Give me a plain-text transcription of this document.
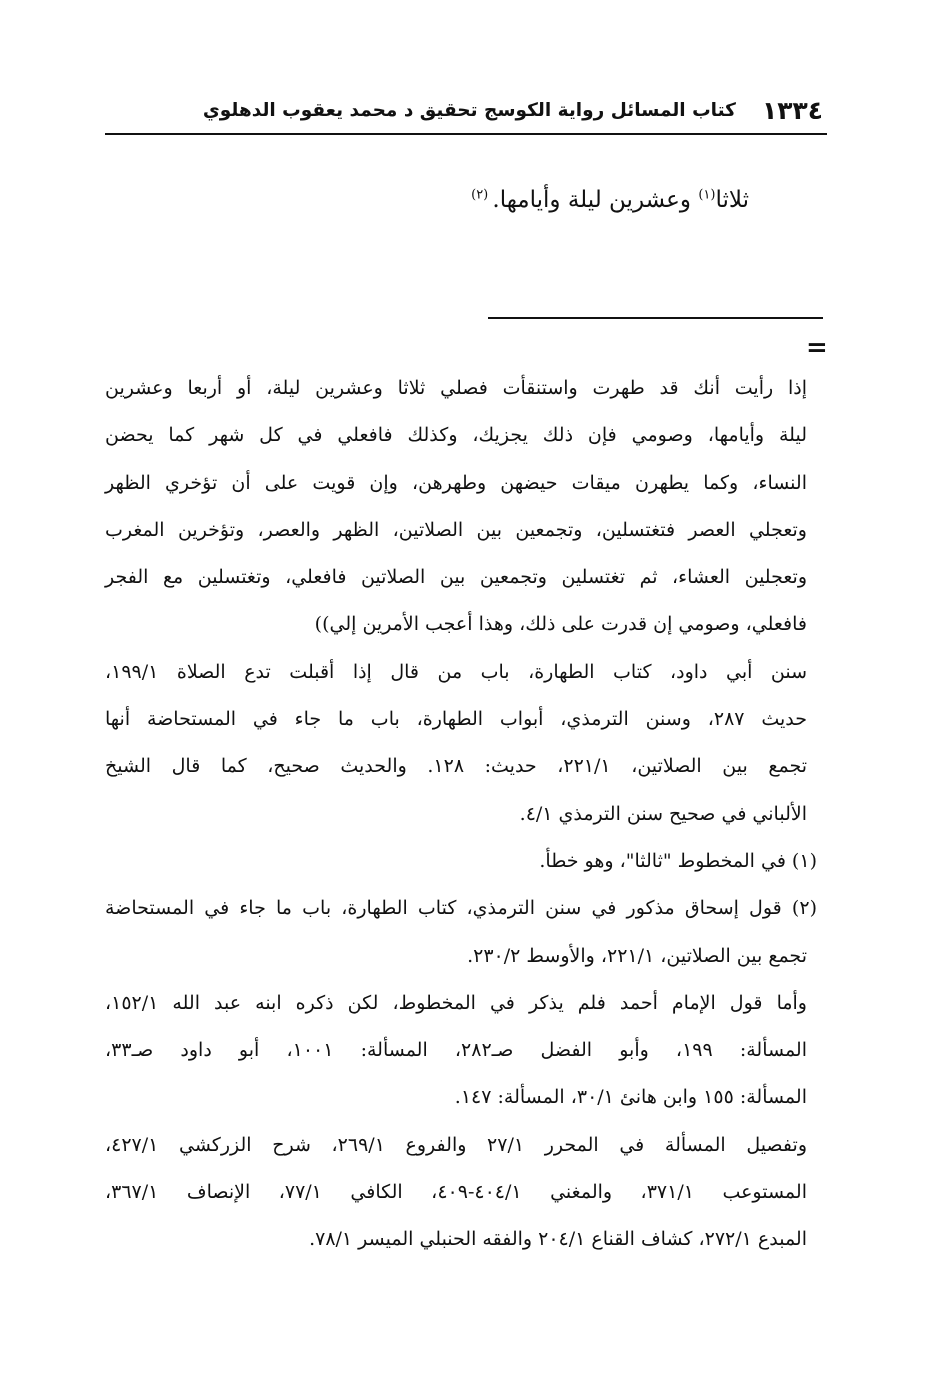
١٣٣٤
كتاب المسائل رواية الكوسج تحقيق د محمد يعقوب الدهلوي
ثلاثا$^{(١)}$ وعشرين ليلة وأيامها. $^{(٢)}$
=
إذا رأيت أنك قد طهرت واستنقأت فصلي ثلاثا وعشرين ليلة، أو أربعا وعشرين
ليلة وأيامها، وصومي فإن ذلك يجزيك، وكذلك فافعلي في كل شهر كما يحضن
النساء، وكما يطهرن ميقات حيضهن وطهرهن، وإن قويت على أن تؤخري الظهر
وتعجلي العصر فتغتسلين، وتجمعين بين الصلاتين، الظهر والعصر، وتؤخرين المغرب
وتعجلين العشاء، ثم تغتسلين وتجمعين بين الصلاتين فافعلي، وتغتسلين مع الفجر
فافعلي، وصومي إن قدرت على ذلك، وهذا أعجب الأمرين إلي))
سنن أبي داود، كتاب الطهارة، باب من قال إذا أقبلت تدع الصلاة ١٩٩/١،
حديث ٢٨٧، وسنن الترمذي، أبواب الطهارة، باب ما جاء في المستحاضة أنها
تجمع بين الصلاتين، ٢٢١/١، حديث: ١٢٨. والحديث صحيح، كما قال الشيخ
الألباني في صحيح سنن الترمذي ٤/١.
(١) في المخطوط "ثالثا"، وهو خطأ.
(٢) قول إسحاق مذكور في سنن الترمذي، كتاب الطهارة، باب ما جاء في المستحاضة
تجمع بين الصلاتين، ٢٢١/١، والأوسط ٢٣٠/٢.
وأما قول الإمام أحمد فلم يذكر في المخطوط، لكن ذكره ابنه عبد الله ١٥٢/١،
المسألة: ١٩٩، وأبو الفضل صـ٢٨٢، المسألة: ١٠٠١، أبو داود صـ٣٣،
المسألة: ١٥٥ وابن هانئ ٣٠/١، المسألة: ١٤٧.
وتفصيل المسألة في المحرر ٢٧/١ والفروع ٢٦٩/١، شرح الزركشي ٤٢٧/١،
المستوعب ٣٧١/١، والمغني ٤٠٤/١-٤٠٩، الكافي ٧٧/١، الإنصاف ٣٦٧/١،
المبدع ٢٧٢/١، كشاف القناع ٢٠٤/١ والفقه الحنبلي الميسر ٧٨/١.
